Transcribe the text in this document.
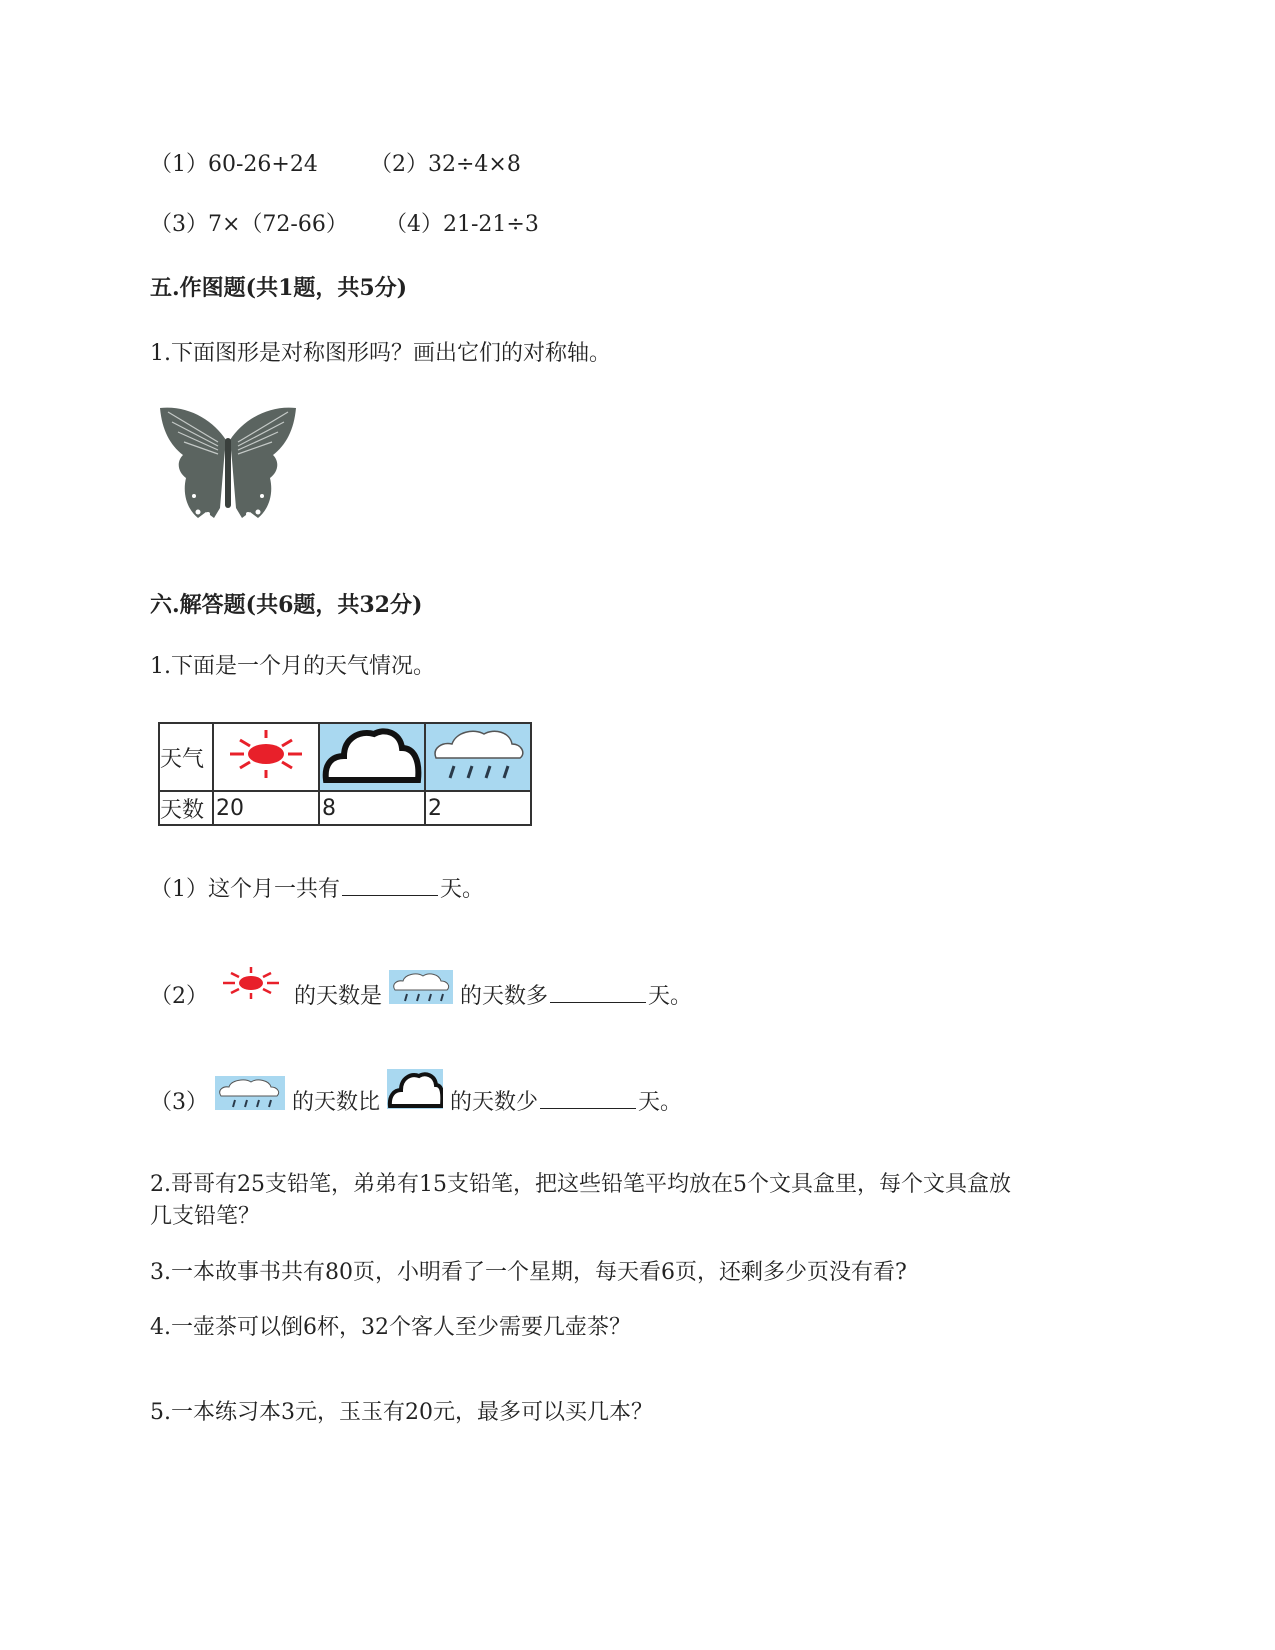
（1）60-26+24 （2）32÷4×8
（3）7×（72-66） （4）21-21÷3
五.作图题(共1题，共5分)
1.下面图形是对称图形吗？画出它们的对称轴。
六.解答题(共6题，共32分)
1.下面是一个月的天气情况。
天气			
天数	20	8	2
（1）这个月一共有	天。
（2）	的天数是	的天数多	天。
（3）	的天数比	的天数少	天。
2.哥哥有25支铅笔，弟弟有15支铅笔，把这些铅笔平均放在5个文具盒里，每个文具盒放
几支铅笔？
3.一本故事书共有80页，小明看了一个星期，每天看6页，还剩多少页没有看?
4.一壶茶可以倒6杯，32个客人至少需要几壶茶？
5.一本练习本3元，玉玉有20元，最多可以买几本？
